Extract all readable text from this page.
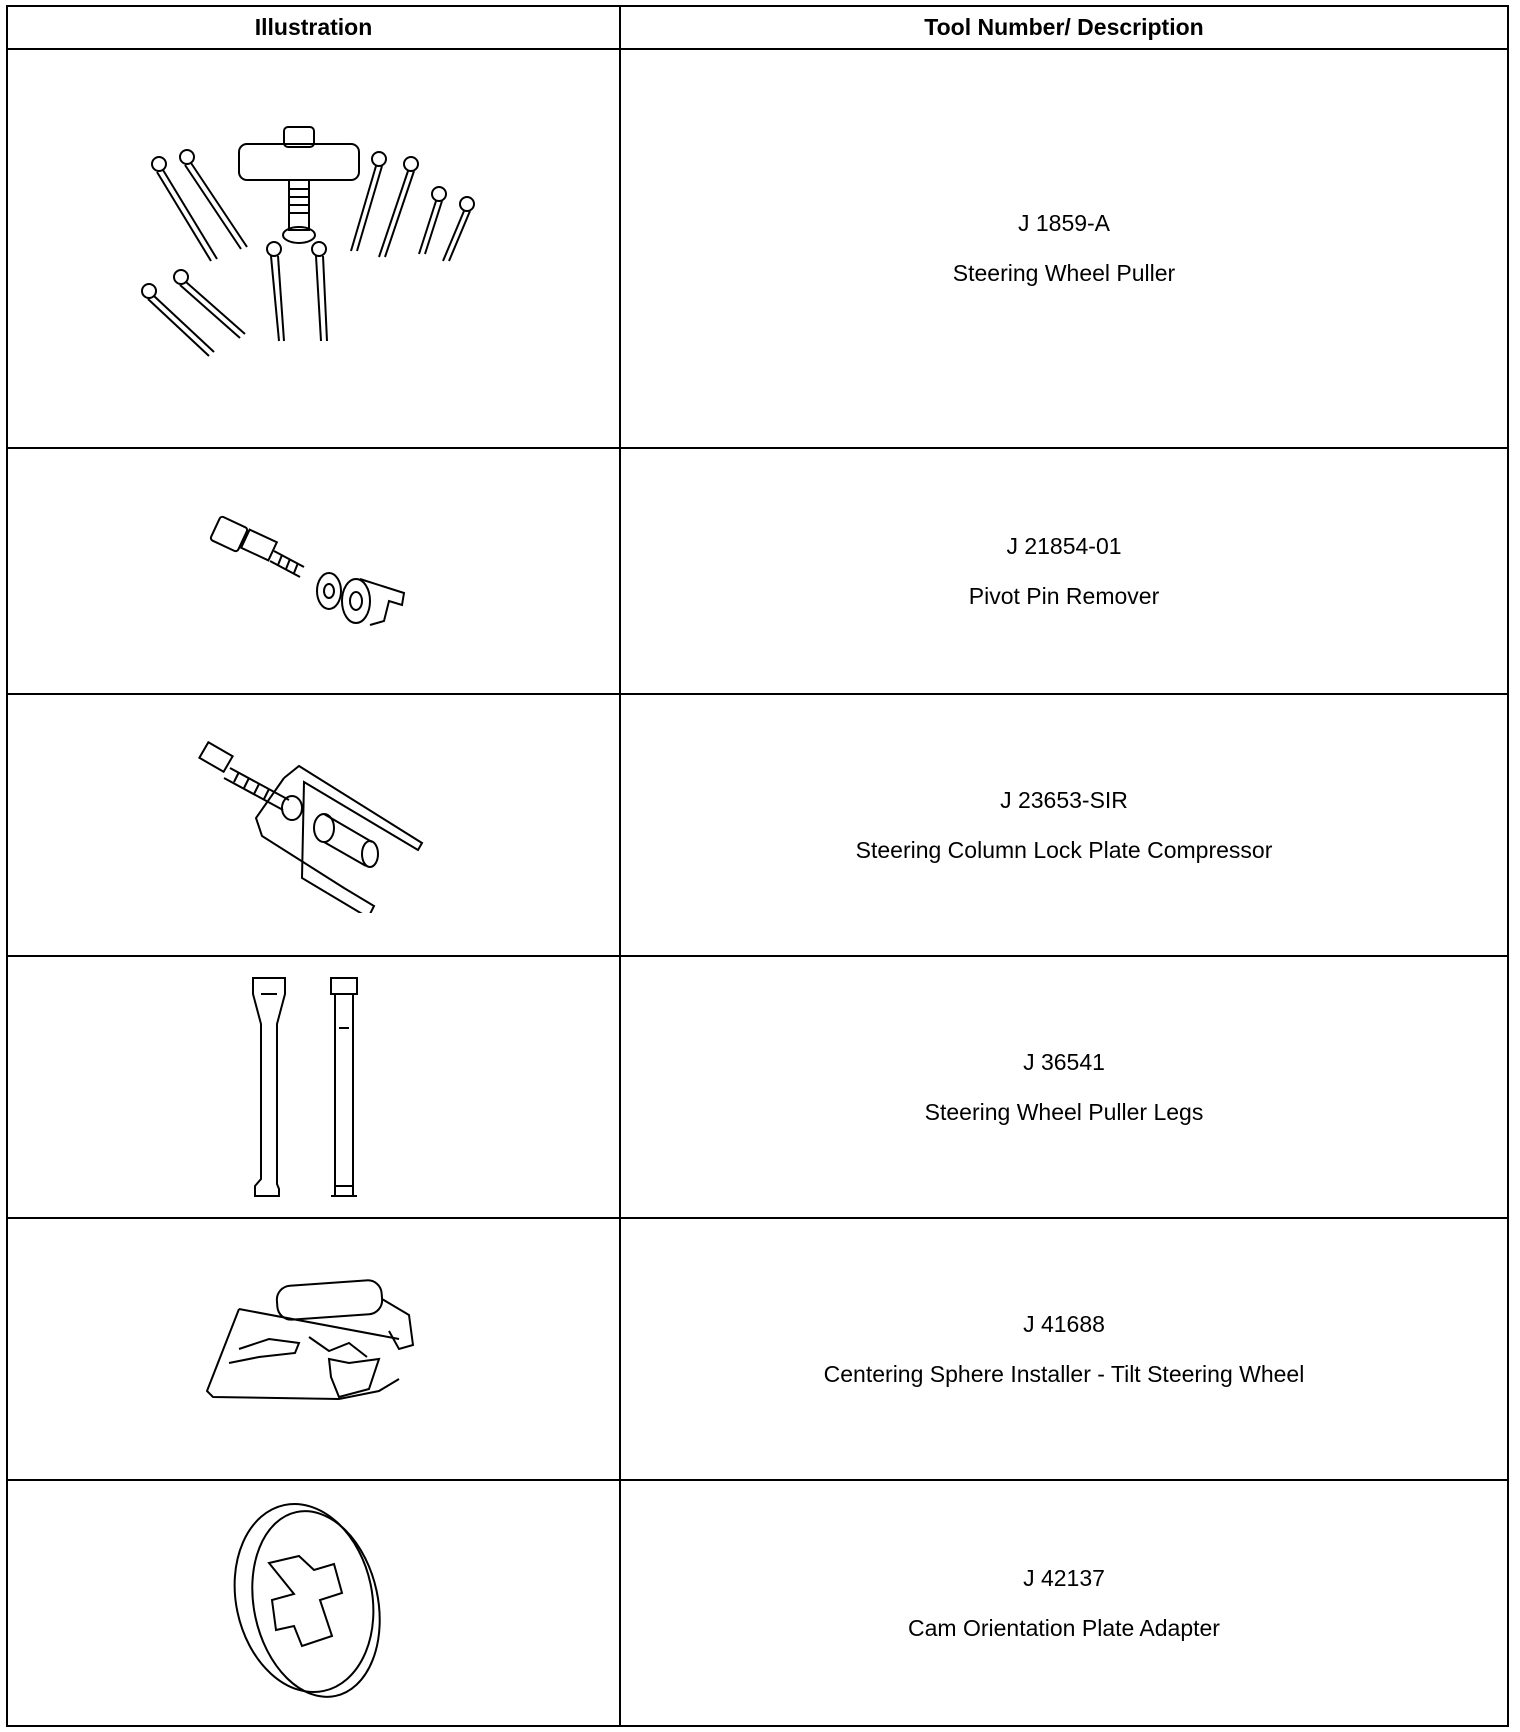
Illustration	Tool Number/ Description

J 1859-A
Steering Wheel Puller

J 21854-01
Pivot Pin Remover

J 23653-SIR
Steering Column Lock Plate Compressor

J 36541
Steering Wheel Puller Legs

J 41688
Centering Sphere Installer - Tilt Steering Wheel

J 42137
Cam Orientation Plate Adapter
